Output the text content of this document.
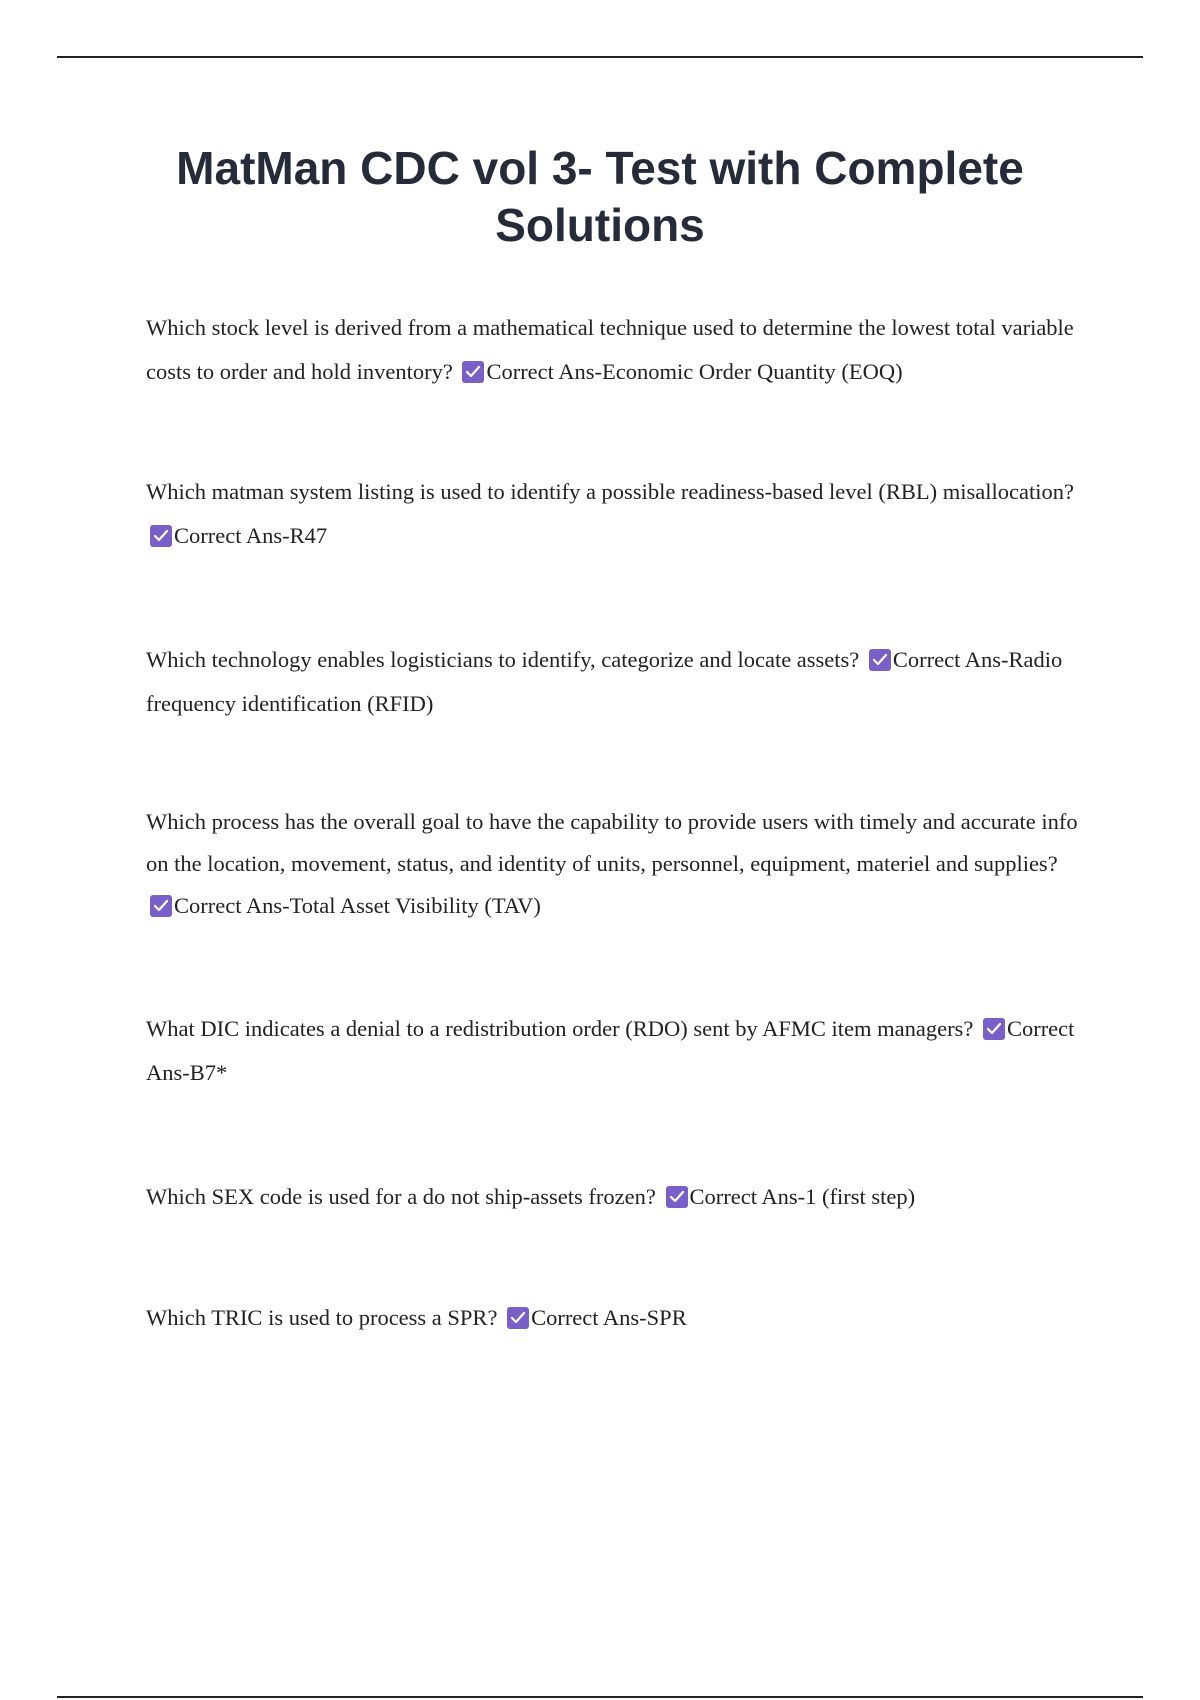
MatMan CDC vol 3- Test with Complete Solutions

Which stock level is derived from a mathematical technique used to determine the lowest total variable costs to order and hold inventory?
Correct Ans-Economic Order Quantity (EOQ)

Which matman system listing is used to identify a possible readiness-based level (RBL) misallocation?
Correct Ans-R47

Which technology enables logisticians to identify, categorize and locate assets?
Correct Ans-Radio frequency identification (RFID)

Which process has the overall goal to have the capability to provide users with timely and accurate info on the location, movement, status, and identity of units, personnel, equipment, materiel and supplies?
Correct Ans-Total Asset Visibility (TAV)

What DIC indicates a denial to a redistribution order (RDO) sent by AFMC item managers?
Correct Ans-B7*

Which SEX code is used for a do not ship-assets frozen?
Correct Ans-1 (first step)

Which TRIC is used to process a SPR?
Correct Ans-SPR
